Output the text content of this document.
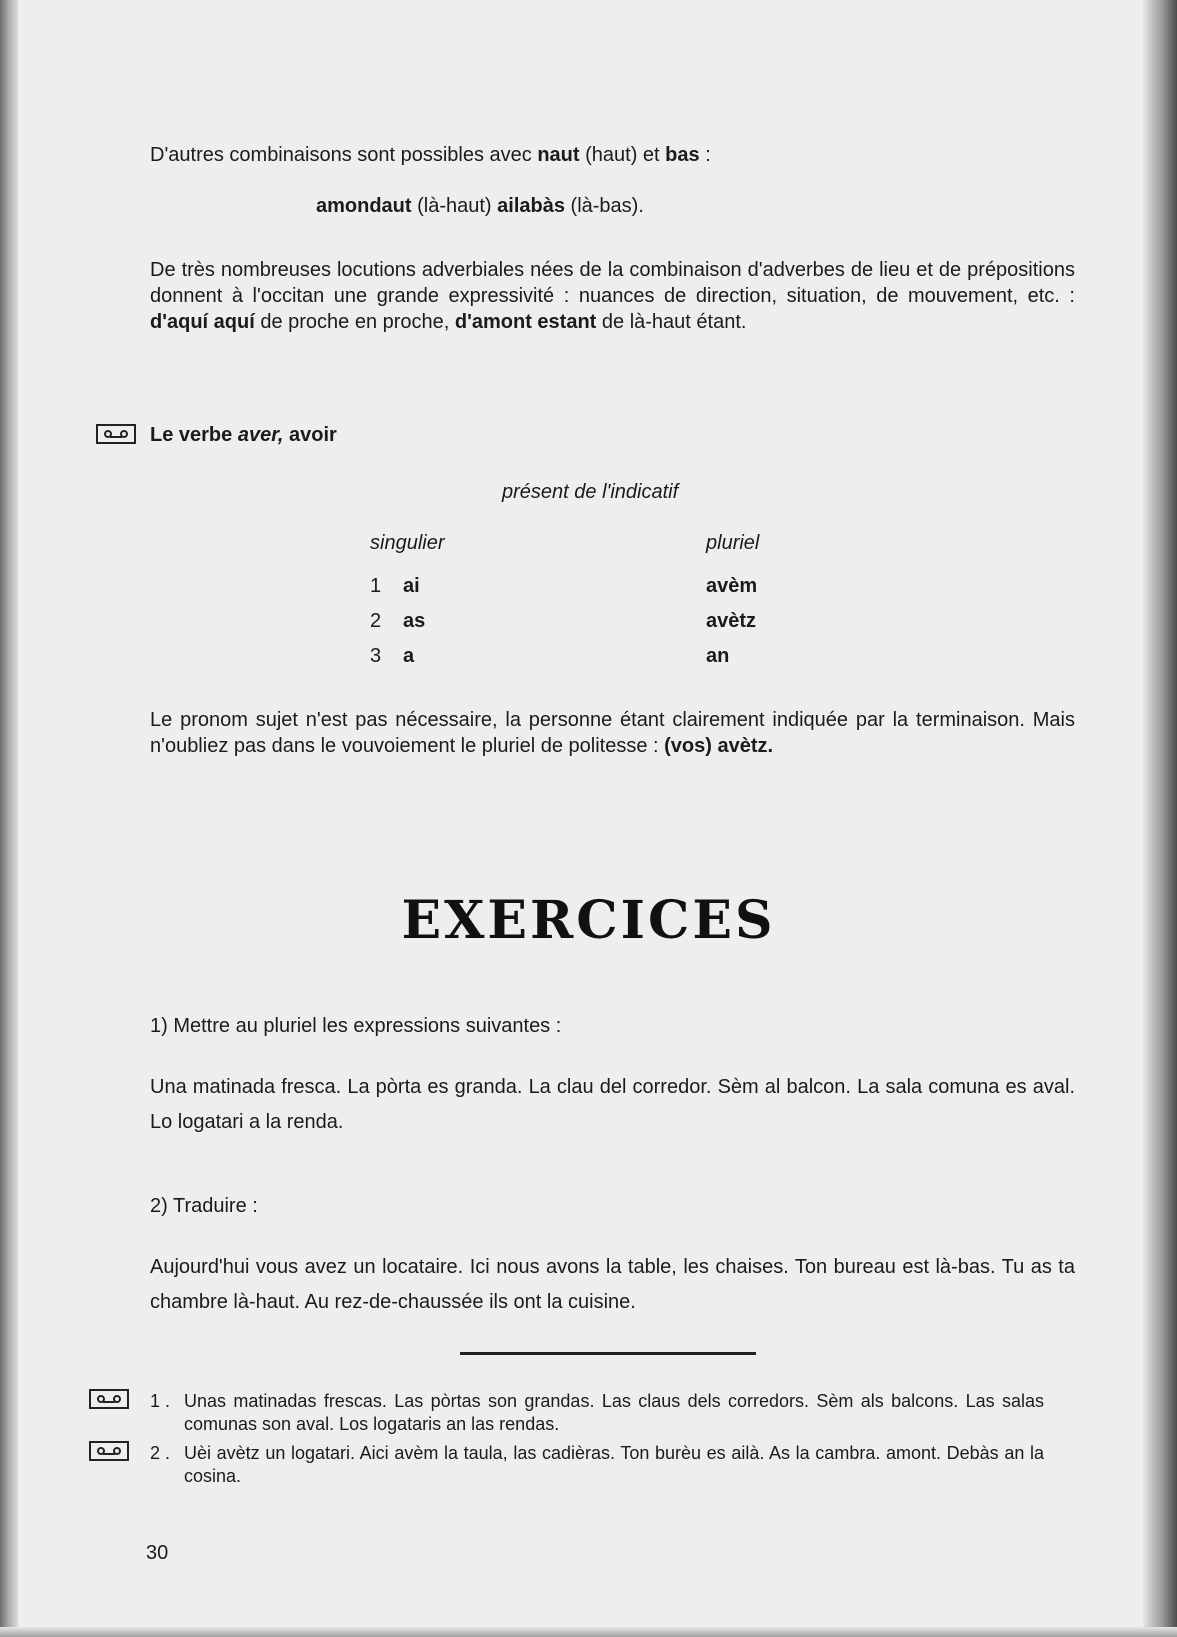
D'autres combinaisons sont possibles avec naut (haut) et bas :
amondaut (là-haut) ailabàs (là-bas).
De très nombreuses locutions adverbiales nées de la combinaison d'adverbes de lieu et de prépositions donnent à l'occitan une grande expressivité : nuances de direction, situation, de mouvement, etc. : d'aquí aquí de proche en proche, d'amont estant de là-haut étant.
Le verbe aver, avoir
présent de l'indicatif
singulier	pluriel
1 ai	avèm
2 as	avètz
3 a	an
Le pronom sujet n'est pas nécessaire, la personne étant clairement indiquée par la terminaison. Mais n'oubliez pas dans le vouvoiement le pluriel de politesse : (vos) avètz.
EXERCICES
1) Mettre au pluriel les expressions suivantes :
Una matinada fresca. La pòrta es granda. La clau del corredor. Sèm al balcon. La sala comuna es aval. Lo logatari a la renda.
2) Traduire :
Aujourd'hui vous avez un locataire. Ici nous avons la table, les chaises. Ton bureau est là-bas. Tu as ta chambre là-haut. Au rez-de-chaussée ils ont la cuisine.
1 . Unas matinadas frescas. Las pòrtas son grandas. Las claus dels corredors. Sèm als balcons. Las salas comunas son aval. Los logataris an las rendas.
2 . Uèi avètz un logatari. Aici avèm la taula, las cadièras. Ton burèu es ailà. As la cambra. amont. Debàs an la cosina.
30
